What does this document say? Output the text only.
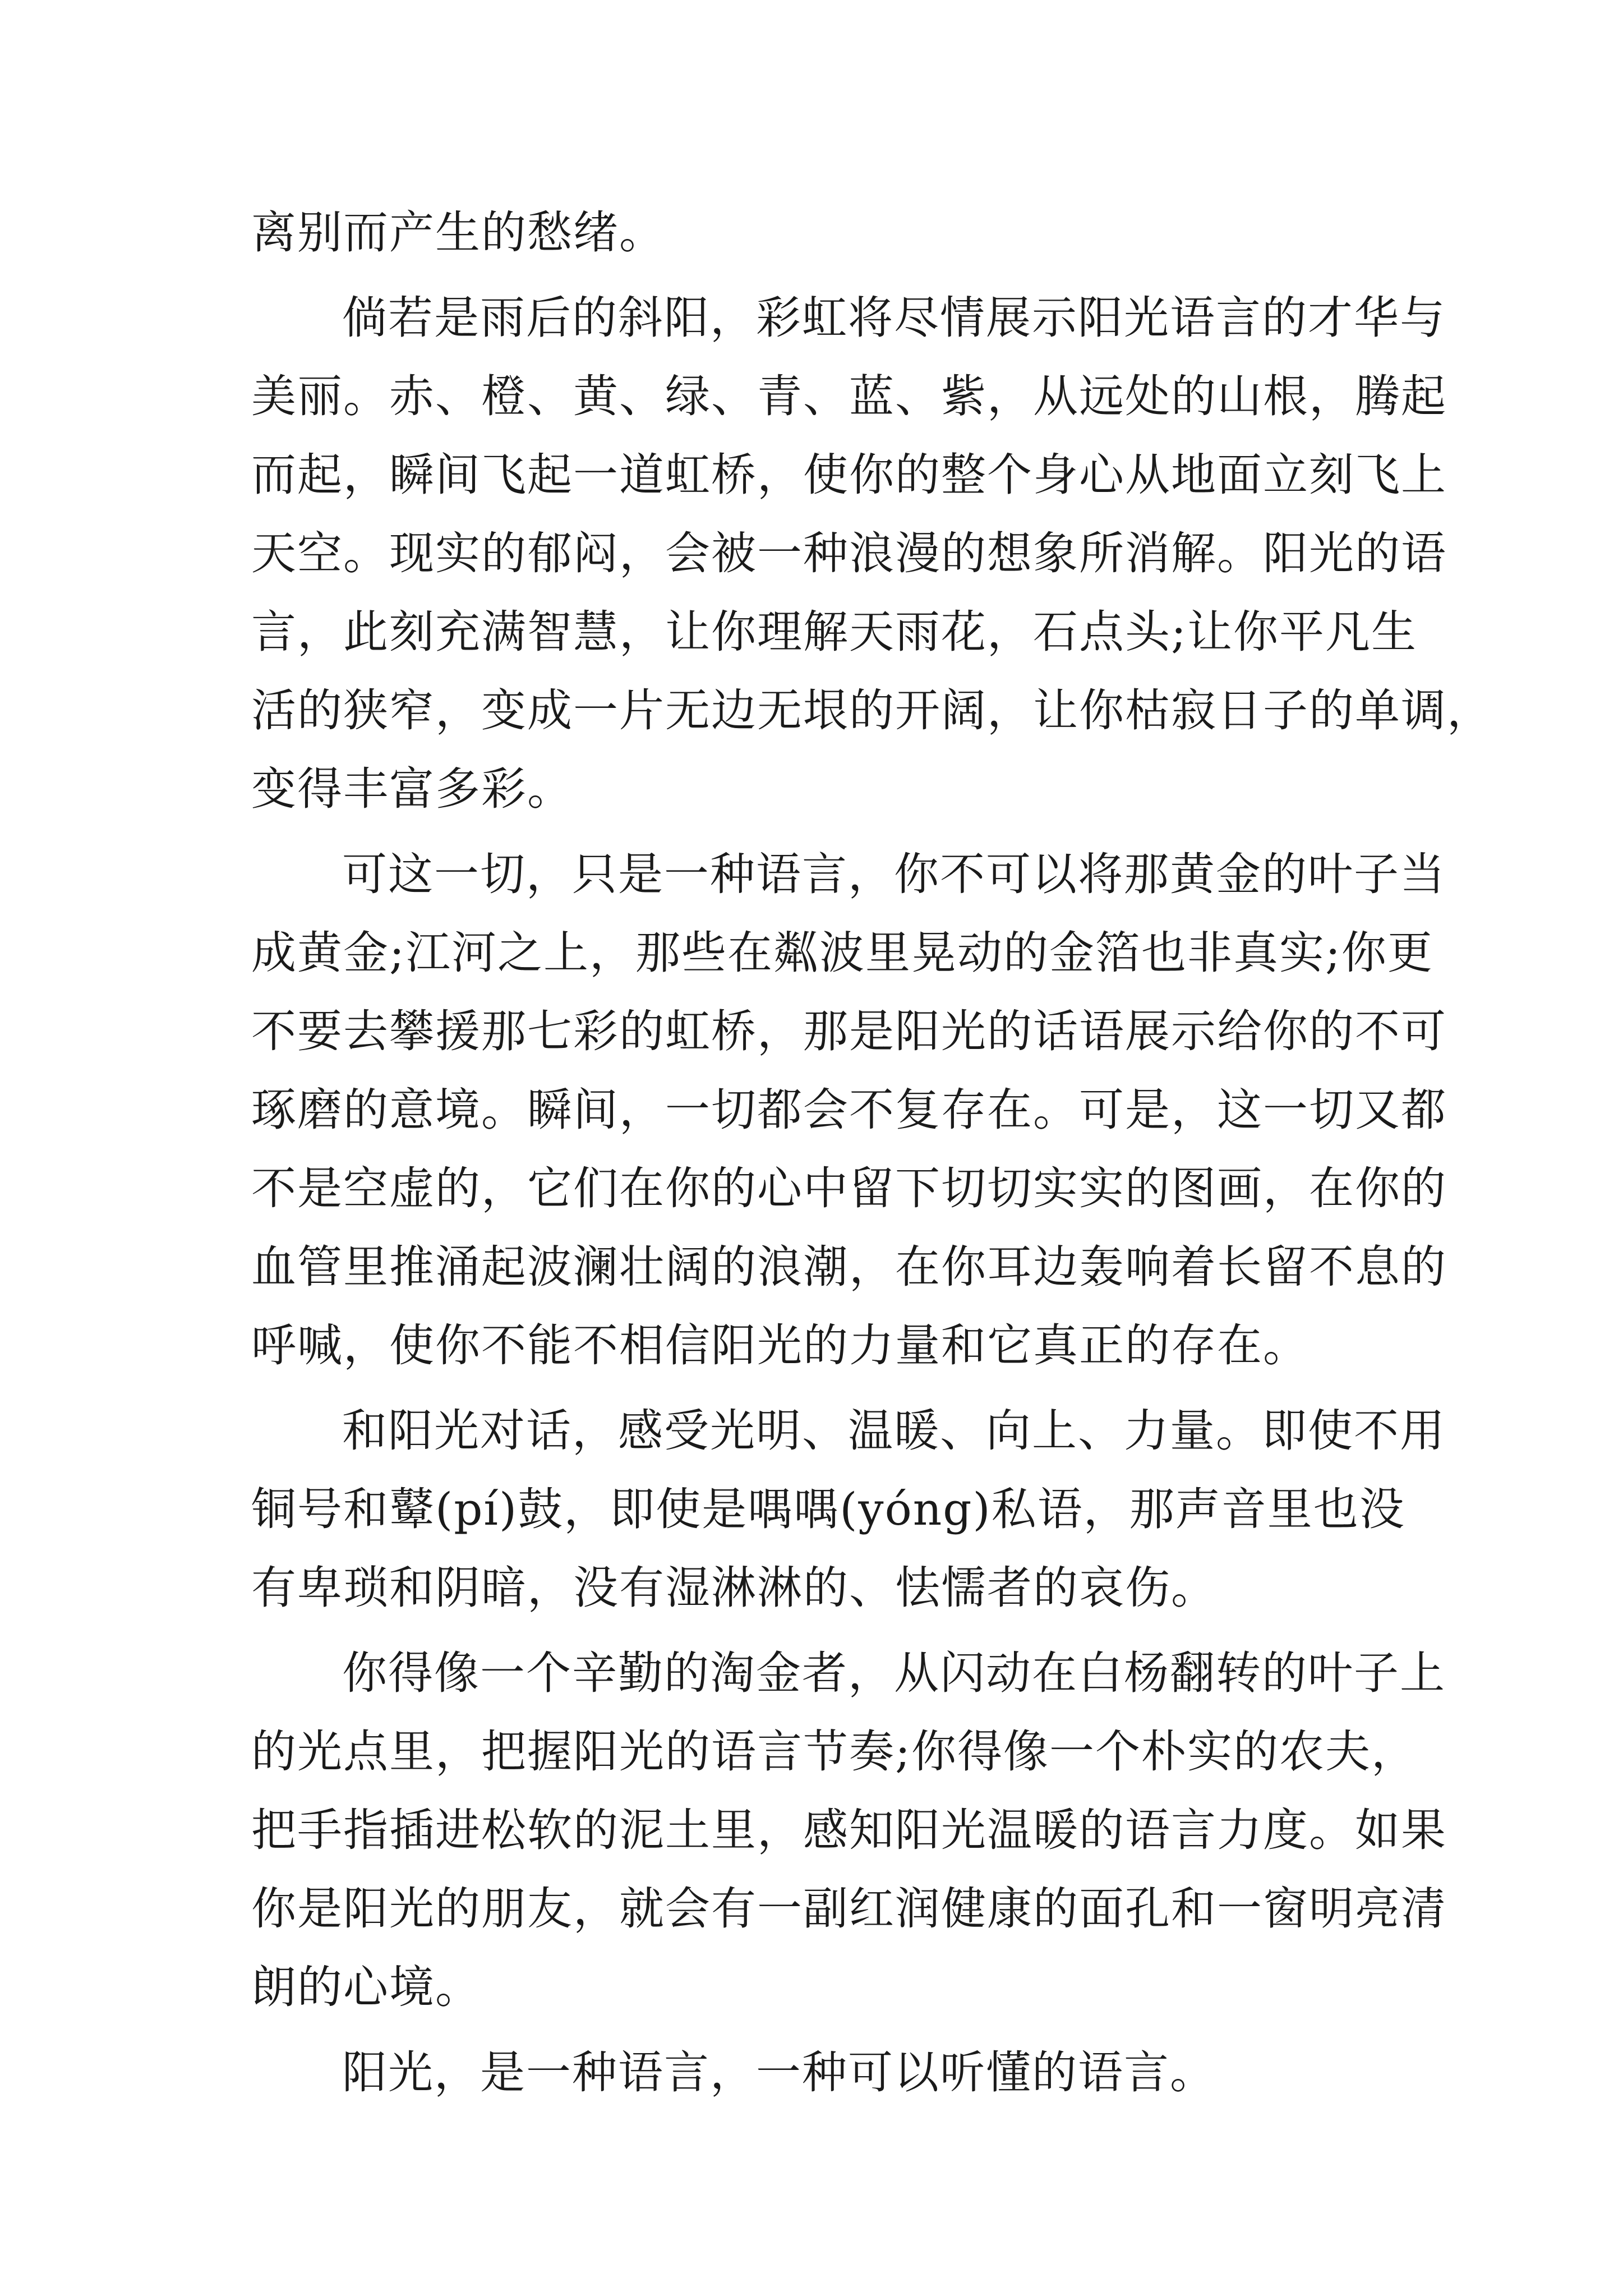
离别而产生的愁绪。
倘若是雨后的斜阳，彩虹将尽情展示阳光语言的才华与
美丽。赤、橙、黄、绿、青、蓝、紫，从远处的山根，腾起
而起，瞬间飞起一道虹桥，使你的整个身心从地面立刻飞上
天空。现实的郁闷，会被一种浪漫的想象所消解。阳光的语
言，此刻充满智慧，让你理解天雨花，石点头;让你平凡生
活的狭窄，变成一片无边无垠的开阔，让你枯寂日子的单调，
变得丰富多彩。
可这一切，只是一种语言，你不可以将那黄金的叶子当
成黄金;江河之上，那些在粼波里晃动的金箔也非真实;你更
不要去攀援那七彩的虹桥，那是阳光的话语展示给你的不可
琢磨的意境。瞬间，一切都会不复存在。可是，这一切又都
不是空虚的，它们在你的心中留下切切实实的图画，在你的
血管里推涌起波澜壮阔的浪潮，在你耳边轰响着长留不息的
呼喊，使你不能不相信阳光的力量和它真正的存在。
和阳光对话，感受光明、温暖、向上、力量。即使不用
铜号和鼙(pí)鼓，即使是喁喁(yóng)私语，那声音里也没
有卑琐和阴暗，没有湿淋淋的、怯懦者的哀伤。
你得像一个辛勤的淘金者，从闪动在白杨翻转的叶子上
的光点里，把握阳光的语言节奏;你得像一个朴实的农夫，
把手指插进松软的泥土里，感知阳光温暖的语言力度。如果
你是阳光的朋友，就会有一副红润健康的面孔和一窗明亮清
朗的心境。
阳光，是一种语言，一种可以听懂的语言。
